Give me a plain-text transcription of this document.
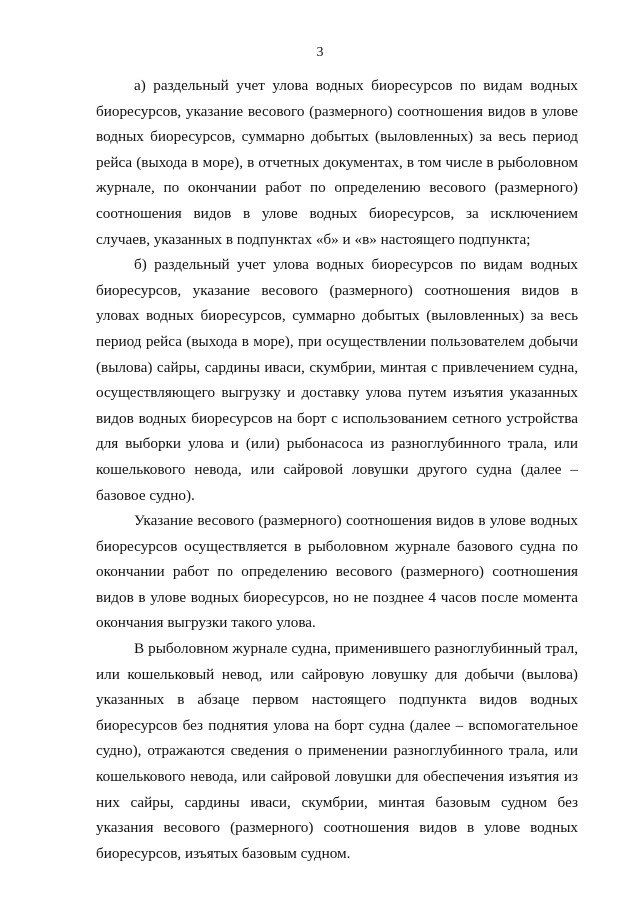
3

а) раздельный учет улова водных биоресурсов по видам водных биоресурсов, указание весового (размерного) соотношения видов в улове водных биоресурсов, суммарно добытых (выловленных) за весь период рейса (выхода в море), в отчетных документах, в том числе в рыболовном журнале, по окончании работ по определению весового (размерного) соотношения видов в улове водных биоресурсов, за исключением случаев, указанных в подпунктах «б» и «в» настоящего подпункта;

б) раздельный учет улова водных биоресурсов по видам водных биоресурсов, указание весового (размерного) соотношения видов в уловах водных биоресурсов, суммарно добытых (выловленных) за весь период рейса (выхода в море), при осуществлении пользователем добычи (вылова) сайры, сардины иваси, скумбрии, минтая с привлечением судна, осуществляющего выгрузку и доставку улова путем изъятия указанных видов водных биоресурсов на борт с использованием сетного устройства для выборки улова и (или) рыбонасоса из разноглубинного трала, или кошелькового невода, или сайровой ловушки другого судна (далее – базовое судно).

Указание весового (размерного) соотношения видов в улове водных биоресурсов осуществляется в рыболовном журнале базового судна по окончании работ по определению весового (размерного) соотношения видов в улове водных биоресурсов, но не позднее 4 часов после момента окончания выгрузки такого улова.

В рыболовном журнале судна, применившего разноглубинный трал, или кошельковый невод, или сайровую ловушку для добычи (вылова) указанных в абзаце первом настоящего подпункта видов водных биоресурсов без поднятия улова на борт судна (далее – вспомогательное судно), отражаются сведения о применении разноглубинного трала, или кошелькового невода, или сайровой ловушки для обеспечения изъятия из них сайры, сардины иваси, скумбрии, минтая базовым судном без указания весового (размерного) соотношения видов в улове водных биоресурсов, изъятых базовым судном.
